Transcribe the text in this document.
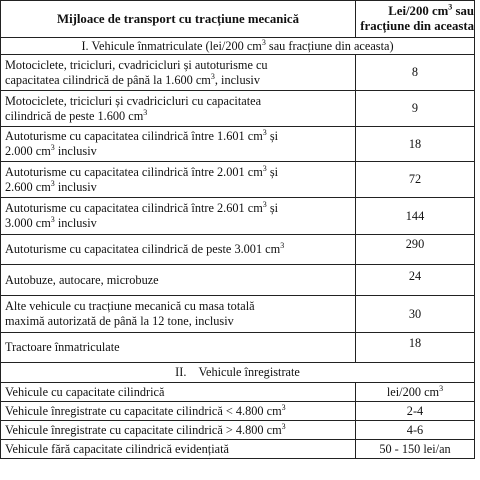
Mijloace de transport cu tracțiune mecanică	Lei/200 $cm^3$ sau
fracțiune din aceasta
I. Vehicule înmatriculate (lei/200 $cm^3$ sau fracțiune din aceasta)	
Motociclete, tricicluri, cvadricicluri și autoturisme cu
capacitatea cilindrică de până la 1.600 $cm^3$, inclusiv	8
Motociclete, tricicluri și cvadricicluri cu capacitatea
cilindrică de peste 1.600 $cm^3$	9
Autoturisme cu capacitatea cilindrică între 1.601 $cm^3$ și
2.000 $cm^3$ inclusiv	18
Autoturisme cu capacitatea cilindrică între 2.001 $cm^3$ și
2.600 $cm^3$ inclusiv	72
Autoturisme cu capacitatea cilindrică între 2.601 $cm^3$ și
3.000 $cm^3$ inclusiv	144
Autoturisme cu capacitatea cilindrică de peste 3.001 $cm^3$	290
Autobuze, autocare, microbuze	24
Alte vehicule cu tracțiune mecanică cu masa totală
maximă autorizată de până la 12 tone, inclusiv	30
Tractoare înmatriculate	18
II.    Vehicule înregistrate	
Vehicule cu capacitate cilindrică	lei/200 $cm^3$
Vehicule înregistrate cu capacitate cilindrică < 4.800 $cm^3$	2-4
Vehicule înregistrate cu capacitate cilindrică > 4.800 $cm^3$	4-6
Vehicule fără capacitate cilindrică evidențiată	50 - 150 lei/an
